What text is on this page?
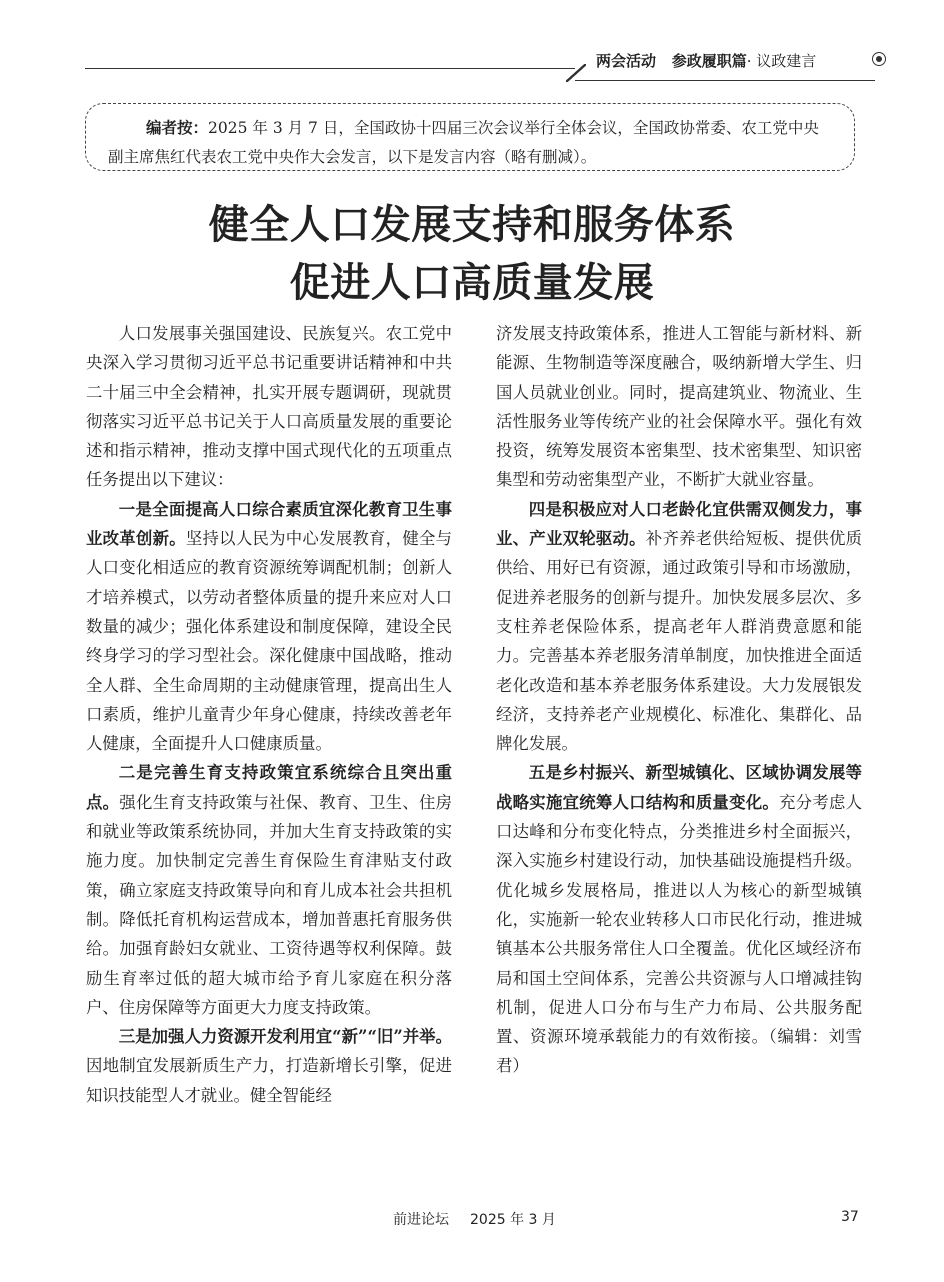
两会活动 参政履职篇· 议政建言
编者按：2025 年 3 月 7 日，全国政协十四届三次会议举行全体会议，全国政协常委、农工党中央副主席焦红代表农工党中央作大会发言，以下是发言内容（略有删减）。
健全人口发展支持和服务体系
促进人口高质量发展

人口发展事关强国建设、民族复兴。农工党中央深入学习贯彻习近平总书记重要讲话精神和中共二十届三中全会精神，扎实开展专题调研，现就贯彻落实习近平总书记关于人口高质量发展的重要论述和指示精神，推动支撑中国式现代化的五项重点任务提出以下建议：

一是全面提高人口综合素质宜深化教育卫生事业改革创新。坚持以人民为中心发展教育，健全与人口变化相适应的教育资源统筹调配机制；创新人才培养模式，以劳动者整体质量的提升来应对人口数量的减少；强化体系建设和制度保障，建设全民终身学习的学习型社会。深化健康中国战略，推动全人群、全生命周期的主动健康管理，提高出生人口素质，维护儿童青少年身心健康，持续改善老年人健康，全面提升人口健康质量。

二是完善生育支持政策宜系统综合且突出重点。强化生育支持政策与社保、教育、卫生、住房和就业等政策系统协同，并加大生育支持政策的实施力度。加快制定完善生育保险生育津贴支付政策，确立家庭支持政策导向和育儿成本社会共担机制。降低托育机构运营成本，增加普惠托育服务供给。加强育龄妇女就业、工资待遇等权利保障。鼓励生育率过低的超大城市给予育儿家庭在积分落户、住房保障等方面更大力度支持政策。

三是加强人力资源开发利用宜“新”“旧”并举。因地制宜发展新质生产力，打造新增长引擎，促进知识技能型人才就业。健全智能经

济发展支持政策体系，推进人工智能与新材料、新能源、生物制造等深度融合，吸纳新增大学生、归国人员就业创业。同时，提高建筑业、物流业、生活性服务业等传统产业的社会保障水平。强化有效投资，统筹发展资本密集型、技术密集型、知识密集型和劳动密集型产业，不断扩大就业容量。

四是积极应对人口老龄化宜供需双侧发力，事业、产业双轮驱动。补齐养老供给短板、提供优质供给、用好已有资源，通过政策引导和市场激励，促进养老服务的创新与提升。加快发展多层次、多支柱养老保险体系，提高老年人群消费意愿和能力。完善基本养老服务清单制度，加快推进全面适老化改造和基本养老服务体系建设。大力发展银发经济，支持养老产业规模化、标准化、集群化、品牌化发展。

五是乡村振兴、新型城镇化、区域协调发展等战略实施宜统筹人口结构和质量变化。充分考虑人口达峰和分布变化特点，分类推进乡村全面振兴，深入实施乡村建设行动，加快基础设施提档升级。优化城乡发展格局，推进以人为核心的新型城镇化，实施新一轮农业转移人口市民化行动，推进城镇基本公共服务常住人口全覆盖。优化区域经济布局和国土空间体系，完善公共资源与人口增减挂钩机制，促进人口分布与生产力布局、公共服务配置、资源环境承载能力的有效衔接。（编辑：刘雪君）

前进论坛 2025 年 3 月	37
